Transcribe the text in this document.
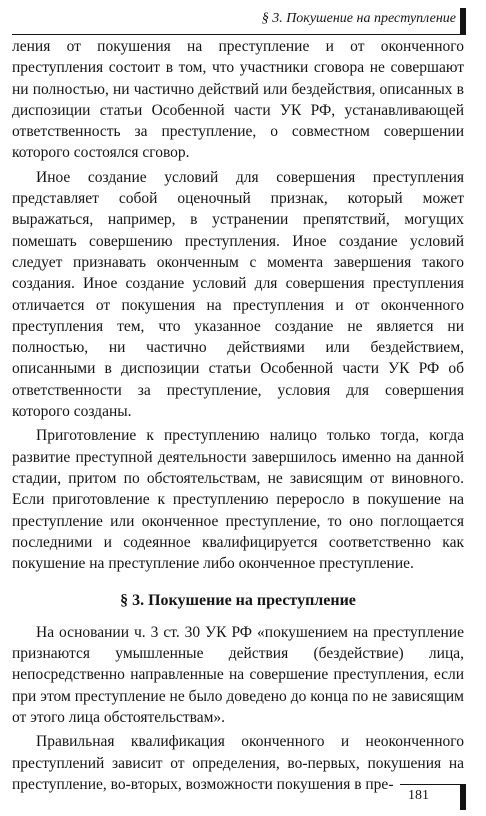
§ 3. Покушение на преступление

ления от покушения на преступление и от оконченного преступления состоит в том, что участники сговора не совершают ни полностью, ни частично действий или бездействия, описанных в диспозиции статьи Особенной части УК РФ, устанавливающей ответственность за преступление, о совместном совершении которого состоялся сговор.

Иное создание условий для совершения преступления представляет собой оценочный признак, который может выражаться, например, в устранении препятствий, могущих помешать совершению преступления. Иное создание условий следует признавать оконченным с момента завершения такого создания. Иное создание условий для совершения преступления отличается от покушения на преступления и от оконченного преступления тем, что указанное создание не является ни полностью, ни частично действиями или бездействием, описанными в диспозиции статьи Особенной части УК РФ об ответственности за преступление, условия для совершения которого созданы.

Приготовление к преступлению налицо только тогда, когда развитие преступной деятельности завершилось именно на данной стадии, притом по обстоятельствам, не зависящим от виновного. Если приготовление к преступлению переросло в покушение на преступление или оконченное преступление, то оно поглощается последними и содеянное квалифицируется соответственно как покушение на преступление либо оконченное преступление.

§ 3. Покушение на преступление

На основании ч. 3 ст. 30 УК РФ «покушением на преступление признаются умышленные действия (бездействие) лица, непосредственно направленные на совершение преступления, если при этом преступление не было доведено до конца по не зависящим от этого лица обстоятельствам».

Правильная квалификация оконченного и неоконченного преступлений зависит от определения, во-первых, покушения на преступление, во-вторых, возможности покушения в пре-

181
